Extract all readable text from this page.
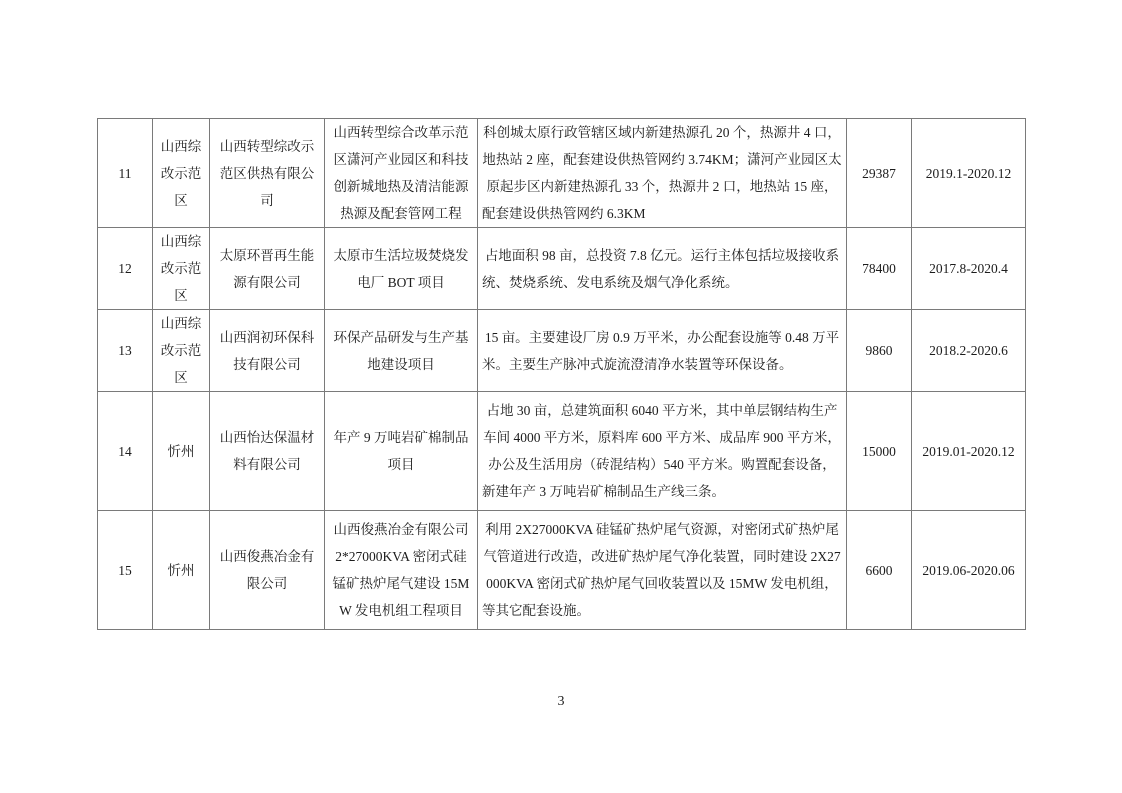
11	山西综改示范区	山西转型综改示范区供热有限公司	山西转型综合改革示范区潇河产业园区和科技创新城地热及清洁能源热源及配套管网工程	科创城太原行政管辖区域内新建热源孔 20 个，热源井 4 口，地热站 2 座，配套建设供热管网约 3.74KM；潇河产业园区太原起步区内新建热源孔 33 个，热源井 2 口，地热站 15 座，配套建设供热管网约 6.3KM	29387	2019.1-2020.12
12	山西综改示范区	太原环晋再生能源有限公司	太原市生活垃圾焚烧发电厂 BOT 项目	占地面积 98 亩，总投资 7.8 亿元。运行主体包括垃圾接收系统、焚烧系统、发电系统及烟气净化系统。	78400	2017.8-2020.4
13	山西综改示范区	山西润初环保科技有限公司	环保产品研发与生产基地建设项目	15 亩。主要建设厂房 0.9 万平米，办公配套设施等 0.48 万平米。主要生产脉冲式旋流澄清净水装置等环保设备。	9860	2018.2-2020.6
14	忻州	山西怡达保温材料有限公司	年产 9 万吨岩矿棉制品项目	占地 30 亩，总建筑面积 6040 平方米，其中单层钢结构生产车间 4000 平方米，原料库 600 平方米、成品库 900 平方米，办公及生活用房（砖混结构）540 平方米。购置配套设备，新建年产 3 万吨岩矿棉制品生产线三条。	15000	2019.01-2020.12
15	忻州	山西俊燕冶金有限公司	山西俊燕冶金有限公司 2*27000KVA 密闭式硅锰矿热炉尾气建设 15MW 发电机组工程项目	利用 2X27000KVA 硅锰矿热炉尾气资源，对密闭式矿热炉尾气管道进行改造，改进矿热炉尾气净化装置，同时建设 2X27000KVA 密闭式矿热炉尾气回收装置以及 15MW 发电机组，等其它配套设施。	6600	2019.06-2020.06
3
